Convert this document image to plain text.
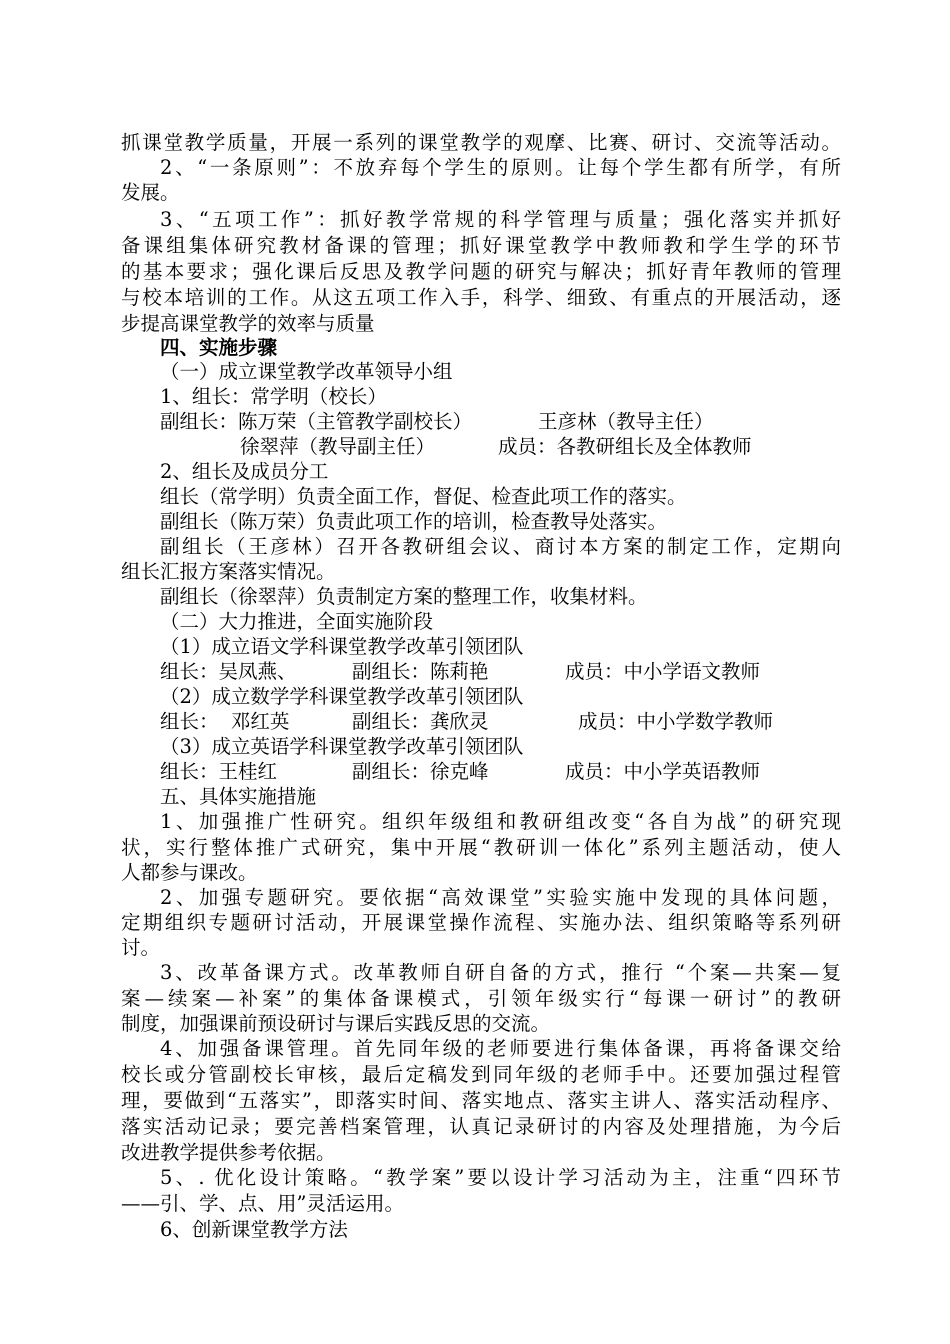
抓课堂教学质量，开展一系列的课堂教学的观摩、比赛、研讨、交流等活动。
2、“一条原则”：不放弃每个学生的原则。让每个学生都有所学，有所
发展。
3、“五项工作”：抓好教学常规的科学管理与质量；强化落实并抓好
备课组集体研究教材备课的管理；抓好课堂教学中教师教和学生学的环节
的基本要求；强化课后反思及教学问题的研究与解决；抓好青年教师的管理
与校本培训的工作。从这五项工作入手，科学、细致、有重点的开展活动，逐
步提高课堂教学的效率与质量
四、实施步骤
（一）成立课堂教学改革领导小组
1、组长：常学明（校长）
副组长：陈万荣（主管教学副校长）	王彦林（教导主任）
徐翠萍（教导副主任）	成员：各教研组长及全体教师
2、组长及成员分工
组长（常学明）负责全面工作，督促、检查此项工作的落实。
副组长（陈万荣）负责此项工作的培训，检查教导处落实。
副组长（王彦林）召开各教研组会议、商讨本方案的制定工作，定期向
组长汇报方案落实情况。
副组长（徐翠萍）负责制定方案的整理工作，收集材料。
（二）大力推进，全面实施阶段
（1）成立语文学科课堂教学改革引领团队
组长：吴凤燕、	副组长：陈莉艳	成员：中小学语文教师
（2）成立数学学科课堂教学改革引领团队
组长：  邓红英	副组长：龚欣灵	成员：中小学数学教师
（3）成立英语学科课堂教学改革引领团队
组长：王桂红	副组长：徐克峰	成员：中小学英语教师
五、具体实施措施
1、加强推广性研究。组织年级组和教研组改变“各自为战”的研究现
状，实行整体推广式研究，集中开展“教研训一体化”系列主题活动，使人
人都参与课改。
2、加强专题研究。要依据“高效课堂”实验实施中发现的具体问题，
定期组织专题研讨活动，开展课堂操作流程、实施办法、组织策略等系列研
讨。
3、改革备课方式。改革教师自研自备的方式，推行 “个案—共案—复
案—续案—补案”的集体备课模式，引领年级实行“每课一研讨”的教研
制度，加强课前预设研讨与课后实践反思的交流。
4、加强备课管理。首先同年级的老师要进行集体备课，再将备课交给
校长或分管副校长审核，最后定稿发到同年级的老师手中。还要加强过程管
理，要做到“五落实”，即落实时间、落实地点、落实主讲人、落实活动程序、
落实活动记录；要完善档案管理，认真记录研讨的内容及处理措施，为今后
改进教学提供参考依据。
5、. 优化设计策略。“教学案”要以设计学习活动为主，注重“四环节
——引、学、点、用”灵活运用。
6、创新课堂教学方法
